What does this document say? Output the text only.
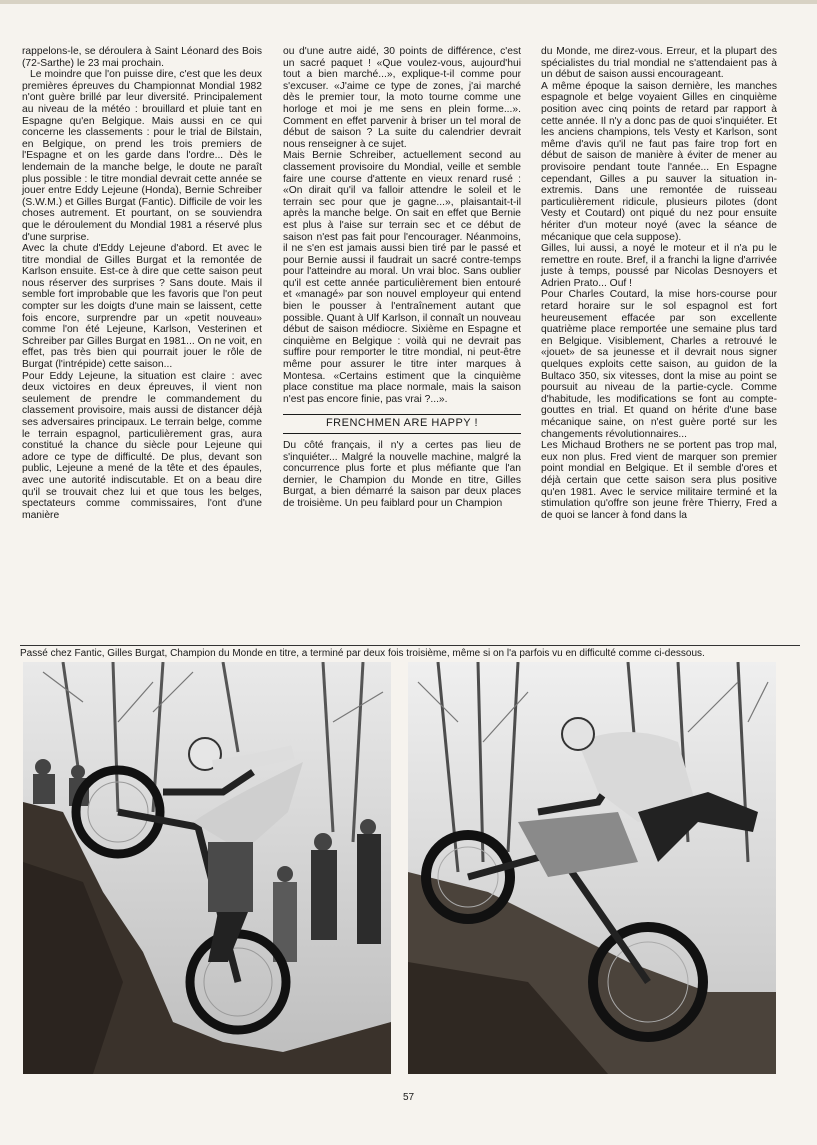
rappelons-le, se déroulera à Saint Léonard des Bois (72-Sarthe) le 23 mai prochain.

Le moindre que l'on puisse dire, c'est que les deux premières épreuves du Championnat Mondial 1982 n'ont guère brillé par leur diversité. Principalement au niveau de la météo : brouillard et pluie tant en Espagne qu'en Belgique. Mais aussi en ce qui concerne les classements : pour le trial de Bilstain, en Belgique, on prend les trois premiers de l'Espagne et on les garde dans l'ordre... Dès le lendemain de la manche belge, le doute ne paraît plus possible : le titre mondial devrait cette année se jouer entre Eddy Lejeune (Honda), Bernie Schreiber (S.W.M.) et Gilles Burgat (Fantic). Difficile de voir les choses autrement. Et pourtant, on se souviendra que le déroulement du Mondial 1981 a réservé plus d'une surprise.

Avec la chute d'Eddy Lejeune d'abord. Et avec le titre mondial de Gilles Burgat et la remontée de Karlson ensuite. Est-ce à dire que cette saison peut nous réserver des surprises ? Sans doute. Mais il semble fort improbable que les favoris que l'on peut compter sur les doigts d'une main se laissent, cette fois encore, surprendre par un «petit nouveau» comme l'on été Lejeune, Karlson, Vesterinen et Schreiber par Gilles Burgat en 1981... On ne voit, en effet, pas très bien qui pourrait jouer le rôle de Burgat (l'intrépide) cette saison...

Pour Eddy Lejeune, la situation est claire : avec deux victoires en deux épreuves, il vient non seulement de prendre le commandement du classement provisoire, mais aussi de distancer déjà ses adversaires principaux. Le terrain belge, comme le terrain espagnol, particulièrement gras, aura constitué la chance du siècle pour Lejeune qui adore ce type de difficulté. De plus, devant son public, Lejeune a mené de la tête et des épaules, avec une autorité indiscutable. Et on a beau dire qu'il se trouvait chez lui et que tous les belges, spectateurs comme commissaires, l'ont d'une manière

ou d'une autre aidé, 30 points de différence, c'est un sacré paquet ! «Que voulez-vous, aujourd'hui tout a bien marché...», explique-t-il comme pour s'excuser. «J'aime ce type de zones, j'ai marché dès le premier tour, la moto tourne comme une horloge et moi je me sens en plein forme...». Comment en effet parvenir à briser un tel moral de début de saison ? La suite du calendrier devrait nous renseigner à ce sujet.

Mais Bernie Schreiber, actuellement second au classement provisoire du Mondial, veille et semble faire une course d'attente en vieux renard rusé : «On dirait qu'il va falloir attendre le soleil et le terrain sec pour que je gagne...», plaisantait-t-il après la manche belge. On sait en effet que Bernie est plus à l'aise sur terrain sec et ce début de saison n'est pas fait pour l'encourager. Néanmoins, il ne s'en est jamais aussi bien tiré par le passé et pour Bernie aussi il faudrait un sacré contre-temps pour l'atteindre au moral. Un vrai bloc. Sans oublier qu'il est cette année particulièrement bien entouré et «managé» par son nouvel employeur qui entend bien le pousser à l'entraînement autant que possible. Quant à Ulf Karlson, il connaît un nouveau début de saison médiocre. Sixième en Espagne et cinquième en Belgique : voilà qui ne devrait pas suffire pour remporter le titre mondial, ni peut-être même pour assurer le titre inter marques à Montesa. «Certains estiment que la cinquième place constitue ma place normale, mais la saison n'est pas encore finie, pas vrai ?...».

FRENCHMEN ARE HAPPY !

Du côté français, il n'y a certes pas lieu de s'inquiéter... Malgré la nouvelle machine, malgré la concurrence plus forte et plus méfiante que l'an dernier, le Champion du Monde en titre, Gilles Burgat, a bien démarré la saison par deux places de troisième. Un peu faiblard pour un Champion

du Monde, me direz-vous. Erreur, et la plupart des spécialistes du trial mondial ne s'attendaient pas à un début de saison aussi encourageant.

A même époque la saison dernière, les manches espagnole et belge voyaient Gilles en cinquième position avec cinq points de retard par rapport à cette année. Il n'y a donc pas de quoi s'inquiéter. Et les anciens champions, tels Vesty et Karlson, sont même d'avis qu'il ne faut pas faire trop fort en début de saison de manière à éviter de mener au provisoire pendant toute l'année... En Espagne cependant, Gilles a pu sauver la situation in-extremis. Dans une remontée de ruisseau particulièrement ridicule, plusieurs pilotes (dont Vesty et Coutard) ont piqué du nez pour ensuite hériter d'un moteur noyé (avec la séance de mécanique que cela suppose).

Gilles, lui aussi, a noyé le moteur et il n'a pu le remettre en route. Bref, il a franchi la ligne d'arrivée juste à temps, poussé par Nicolas Desnoyers et Adrien Prato... Ouf !

Pour Charles Coutard, la mise hors-course pour retard horaire sur le sol espagnol est fort heureusement effacée par son excellente quatrième place remportée une semaine plus tard en Belgique. Visiblement, Charles a retrouvé le «jouet» de sa jeunesse et il devrait nous signer quelques exploits cette saison, au guidon de la Bultaco 350, six vitesses, dont la mise au point se poursuit au niveau de la partie-cycle. Comme d'habitude, les modifications se font au compte-gouttes en trial. Et quand on hérite d'une base mécanique saine, on n'est guère porté sur les changements révolutionnaires...

Les Michaud Brothers ne se portent pas trop mal, eux non plus. Fred vient de marquer son premier point mondial en Belgique. Et il semble d'ores et déjà certain que cette saison sera plus positive qu'en 1981. Avec le service militaire terminé et la stimulation qu'offre son jeune frère Thierry, Fred a de quoi se lancer à fond dans la

Passé chez Fantic, Gilles Burgat, Champion du Monde en titre, a terminé par deux fois troisième, même si on l'a parfois vu en difficulté comme ci-dessous.
57
